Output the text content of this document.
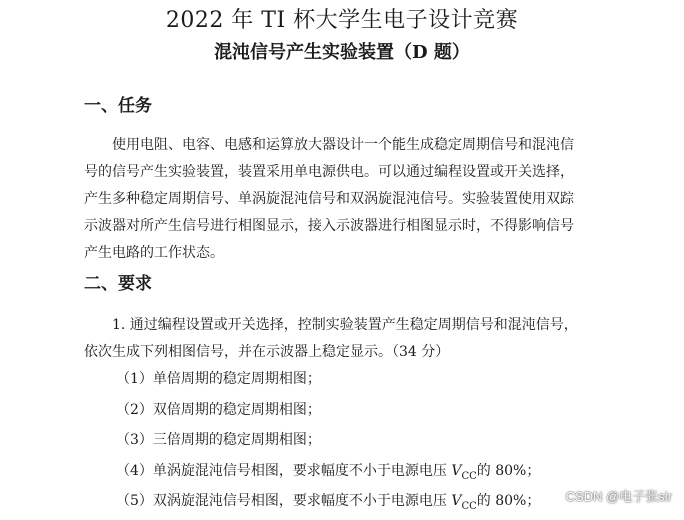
2022 年 TI 杯大学生电子设计竞赛
混沌信号产生实验装置（D 题）
一、任务
使用电阻、电容、电感和运算放大器设计一个能生成稳定周期信号和混沌信
号的信号产生实验装置，装置采用单电源供电。可以通过编程设置或开关选择，
产生多种稳定周期信号、单涡旋混沌信号和双涡旋混沌信号。实验装置使用双踪
示波器对所产生信号进行相图显示，接入示波器进行相图显示时，不得影响信号
产生电路的工作状态。
二、要求
1. 通过编程设置或开关选择，控制实验装置产生稳定周期信号和混沌信号，
依次生成下列相图信号，并在示波器上稳定显示。（34 分）
（1）单倍周期的稳定周期相图；
（2）双倍周期的稳定周期相图；
（3）三倍周期的稳定周期相图；
（4）单涡旋混沌信号相图，要求幅度不小于电源电压 $V_{CC}$的 80%；
（5）双涡旋混沌信号相图，要求幅度不小于电源电压 $V_{CC}$的 80%； CSDN @电子张sir
